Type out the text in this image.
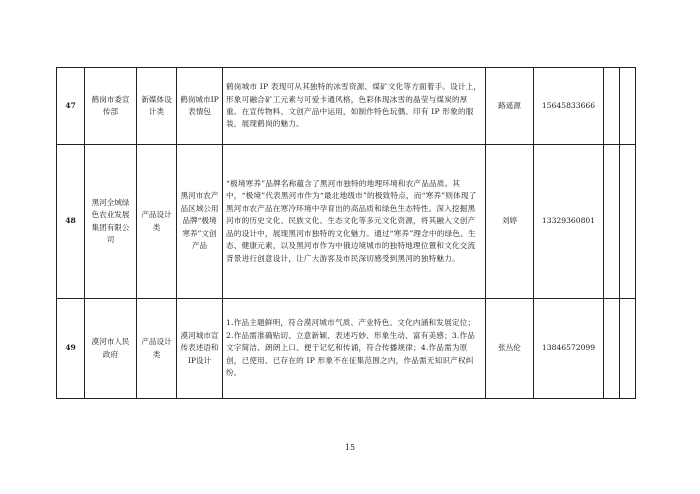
47	鹤岗市委宣传部	新媒体设计类	鹤岗城市IP表情包	鹤岗城市 IP 表现可从其独特的冰雪资源、煤矿文化等方面着手。设计上，形象可融合矿工元素与可爱卡通风格，色彩体现冰雪的晶莹与煤炭的厚重。在宣传物料、文创产品中运用，如制作特色玩偶、印有 IP 形象的服装，展现鹤岗的魅力。	路遥源	15645833666		
48	黑河全域绿色农业发展集团有限公司	产品设计类	黑河市农产品区域公用品牌“极境寒养”文创产品	“极境寒养”品牌名称蕴含了黑河市独特的地理环境和农产品品质。其中，“极境”代表黑河市作为“最北地级市”的极致特点，而“寒养”则体现了黑河市农产品在寒冷环境中孕育出的高品质和绿色生态特性。深入挖掘黑河市的历史文化、民族文化、生态文化等多元文化资源，将其融入文创产品的设计中，展现黑河市独特的文化魅力。通过“寒养”理念中的绿色、生态、健康元素，以及黑河市作为中俄边境城市的独特地理位置和文化交流背景进行创意设计，让广大游客及市民深切感受到黑河的独特魅力。	刘婷	13329360801		
49	漠河市人民政府	产品设计类	漠河城市宣传表述语和IP设计	1.作品主题鲜明，符合漠河城市气质、产业特色、文化内涵和发展定位；2.作品需准确贴切、立意新颖、表述巧妙、形象生动、富有美感；3.作品文字简洁、朗朗上口、便于记忆和传诵，符合传播规律；4.作品需为原创，已使用、已存在的 IP 形象不在征集范围之内，作品需无知识产权纠纷。	张丛伦	13846572099		
15
